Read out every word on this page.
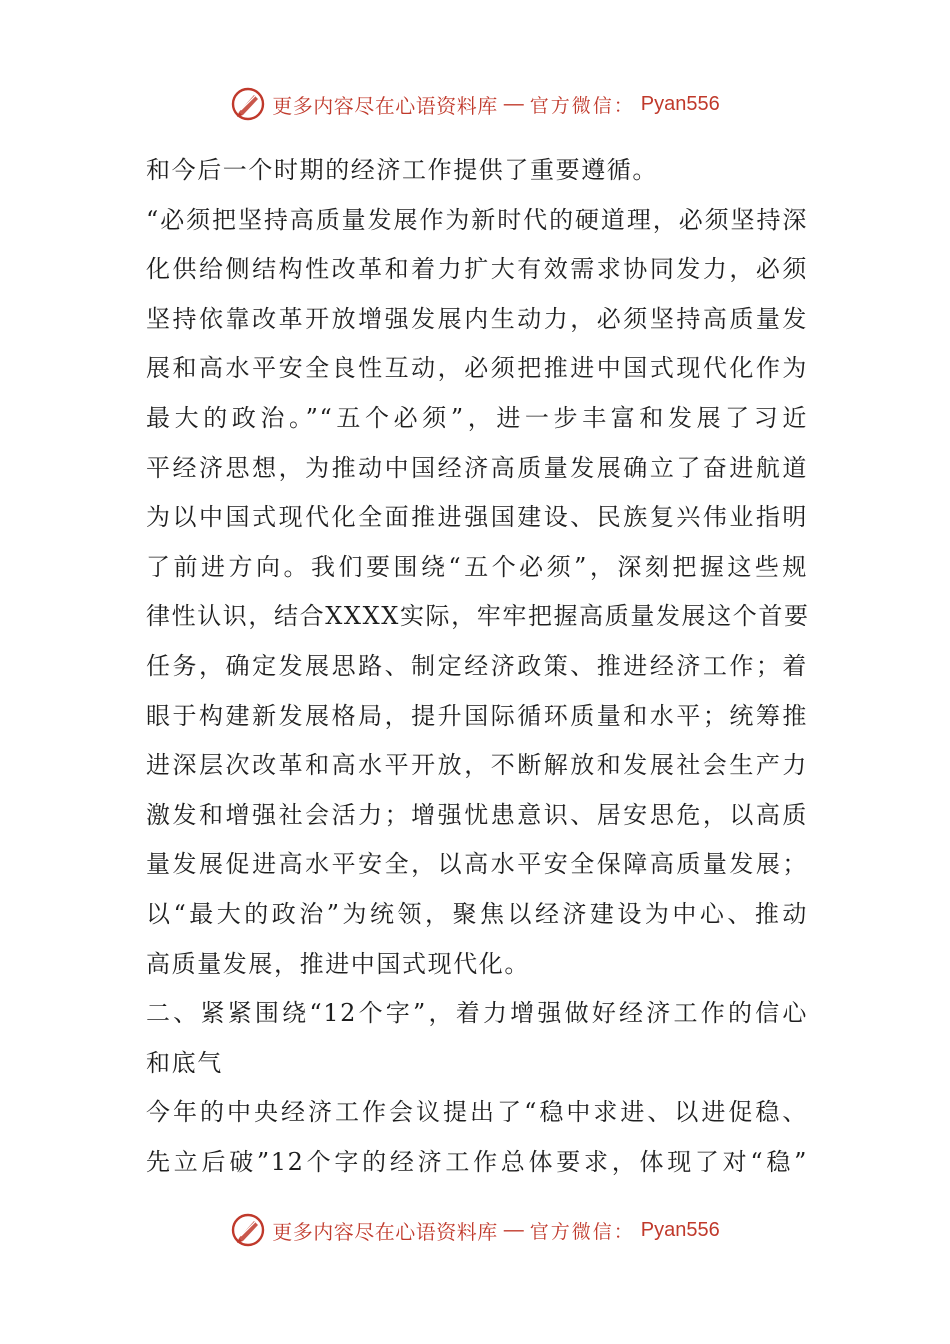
更多内容尽在心语资料库 — 官方微信： Pyan556
和今后一个时期的经济工作提供了重要遵循。
“必须把坚持高质量发展作为新时代的硬道理，必须坚持深
化供给侧结构性改革和着力扩大有效需求协同发力，必须
坚持依靠改革开放增强发展内生动力，必须坚持高质量发
展和高水平安全良性互动，必须把推进中国式现代化作为
最大的政治。”“五个必须”，进一步丰富和发展了习近
平经济思想，为推动中国经济高质量发展确立了奋进航道
为以中国式现代化全面推进强国建设、民族复兴伟业指明
了前进方向。我们要围绕“五个必须”，深刻把握这些规
律性认识，结合XXXX实际，牢牢把握高质量发展这个首要
任务，确定发展思路、制定经济政策、推进经济工作；着
眼于构建新发展格局，提升国际循环质量和水平；统筹推
进深层次改革和高水平开放，不断解放和发展社会生产力
激发和增强社会活力；增强忧患意识、居安思危，以高质
量发展促进高水平安全，以高水平安全保障高质量发展；
以“最大的政治”为统领，聚焦以经济建设为中心、推动
高质量发展，推进中国式现代化。
二、紧紧围绕“12个字”，着力增强做好经济工作的信心
和底气
今年的中央经济工作会议提出了“稳中求进、以进促稳、
先立后破”12个字的经济工作总体要求，体现了对“稳”
更多内容尽在心语资料库 — 官方微信： Pyan556
